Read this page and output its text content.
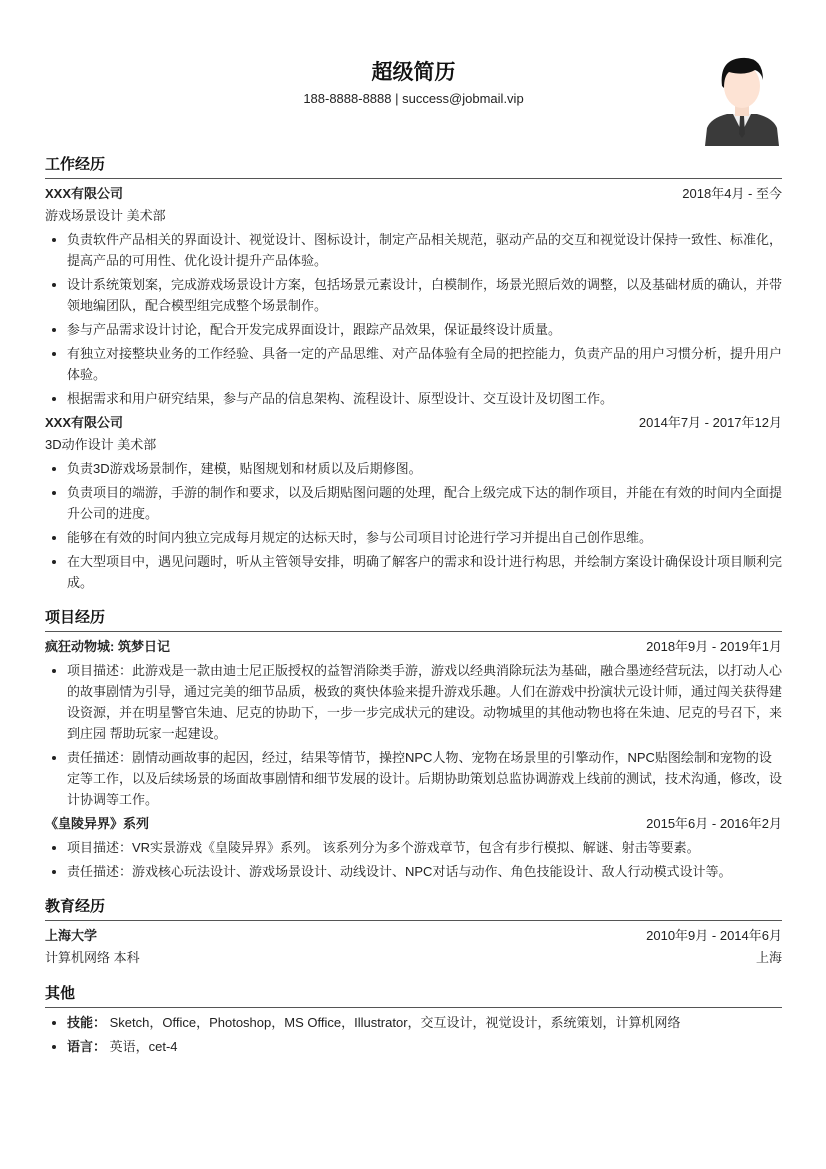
超级简历
188-8888-8888 | success@jobmail.vip
工作经历
XXX有限公司	2018年4月 - 至今
游戏场景设计 美术部
负责软件产品相关的界面设计、视觉设计、图标设计，制定产品相关规范，驱动产品的交互和视觉设计保持一致性、标准化，提高产品的可用性、优化设计提升产品体验。
设计系统策划案，完成游戏场景设计方案，包括场景元素设计，白模制作，场景光照后效的调整，以及基础材质的确认，并带领地编团队，配合模型组完成整个场景制作。
参与产品需求设计讨论，配合开发完成界面设计，跟踪产品效果，保证最终设计质量。
有独立对接整块业务的工作经验、具备一定的产品思维、对产品体验有全局的把控能力，负责产品的用户习惯分析，提升用户体验。
根据需求和用户研究结果，参与产品的信息架构、流程设计、原型设计、交互设计及切图工作。
XXX有限公司	2014年7月 - 2017年12月
3D动作设计 美术部
负责3D游戏场景制作，建模，贴图规划和材质以及后期修图。
负责项目的端游，手游的制作和要求，以及后期贴图问题的处理，配合上级完成下达的制作项目，并能在有效的时间内全面提升公司的进度。
能够在有效的时间内独立完成每月规定的达标天时，参与公司项目讨论进行学习并提出自己创作思维。
在大型项目中，遇见问题时，听从主管领导安排，明确了解客户的需求和设计进行构思，并绘制方案设计确保设计项目顺利完成。
项目经历
疯狂动物城: 筑梦日记	2018年9月 - 2019年1月
项目描述：此游戏是一款由迪士尼正版授权的益智消除类手游，游戏以经典消除玩法为基础，融合墨迹经营玩法，以打动人心的故事剧情为引导，通过完美的细节品质，极致的爽快体验来提升游戏乐趣。人们在游戏中扮演状元设计师，通过闯关获得建设资源，并在明星警官朱迪、尼克的协助下，一步一步完成状元的建设。动物城里的其他动物也将在朱迪、尼克的号召下，来到庄园 帮助玩家一起建设。
责任描述：剧情动画故事的起因，经过，结果等情节，操控NPC人物、宠物在场景里的引擎动作，NPC贴图绘制和宠物的设定等工作，以及后续场景的场面故事剧情和细节发展的设计。后期协助策划总监协调游戏上线前的测试，技术沟通，修改，设计协调等工作。
《皇陵异界》系列	2015年6月 - 2016年2月
项目描述：VR实景游戏《皇陵异界》系列。 该系列分为多个游戏章节，包含有步行模拟、解谜、射击等要素。
责任描述：游戏核心玩法设计、游戏场景设计、动线设计、NPC对话与动作、角色技能设计、敌人行动模式设计等。
教育经历
上海大学	2010年9月 - 2014年6月
计算机网络 本科	上海
其他
技能： Sketch，Office，Photoshop，MS Office，Illustrator，交互设计，视觉设计，系统策划，计算机网络
语言： 英语，cet-4
